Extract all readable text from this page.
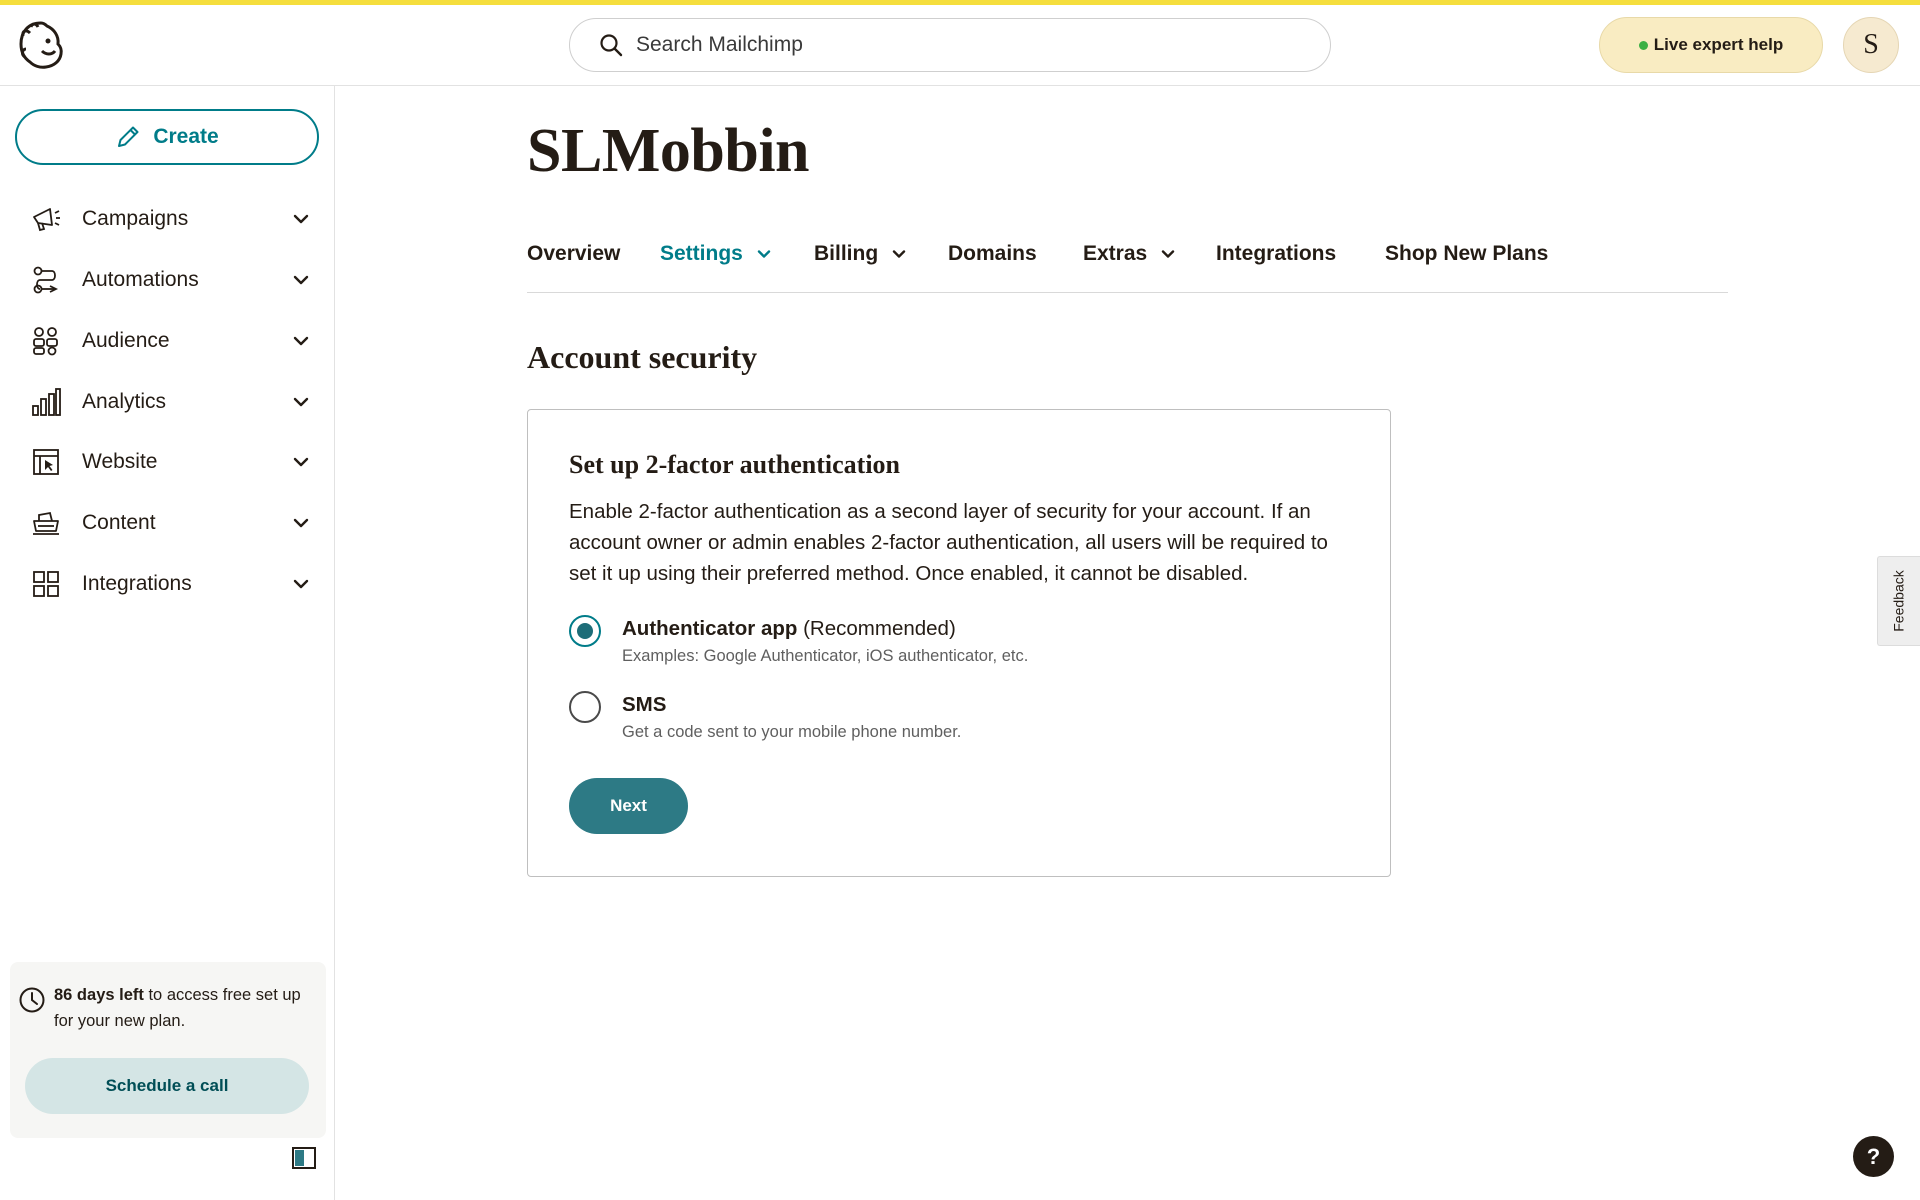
Search Mailchimp
Live expert help	S
Create
Campaigns
Automations
Audience
Analytics
Website
Content
Integrations
86 days left to access free set up for your new plan.
Schedule a call
SLMobbin
Overview Settings	Billing	Domains Extras	Integrations Shop New Plans
Account security
Set up 2-factor authentication

Enable 2-factor authentication as a second layer of security for your account. If an account owner or admin enables 2-factor authentication, all users will be required to set it up using their preferred method. Once enabled, it cannot be disabled.

Authenticator app (Recommended)
Examples: Google Authenticator, iOS authenticator, etc.
SMS
Get a code sent to your mobile phone number.
Next
Feedback
?
